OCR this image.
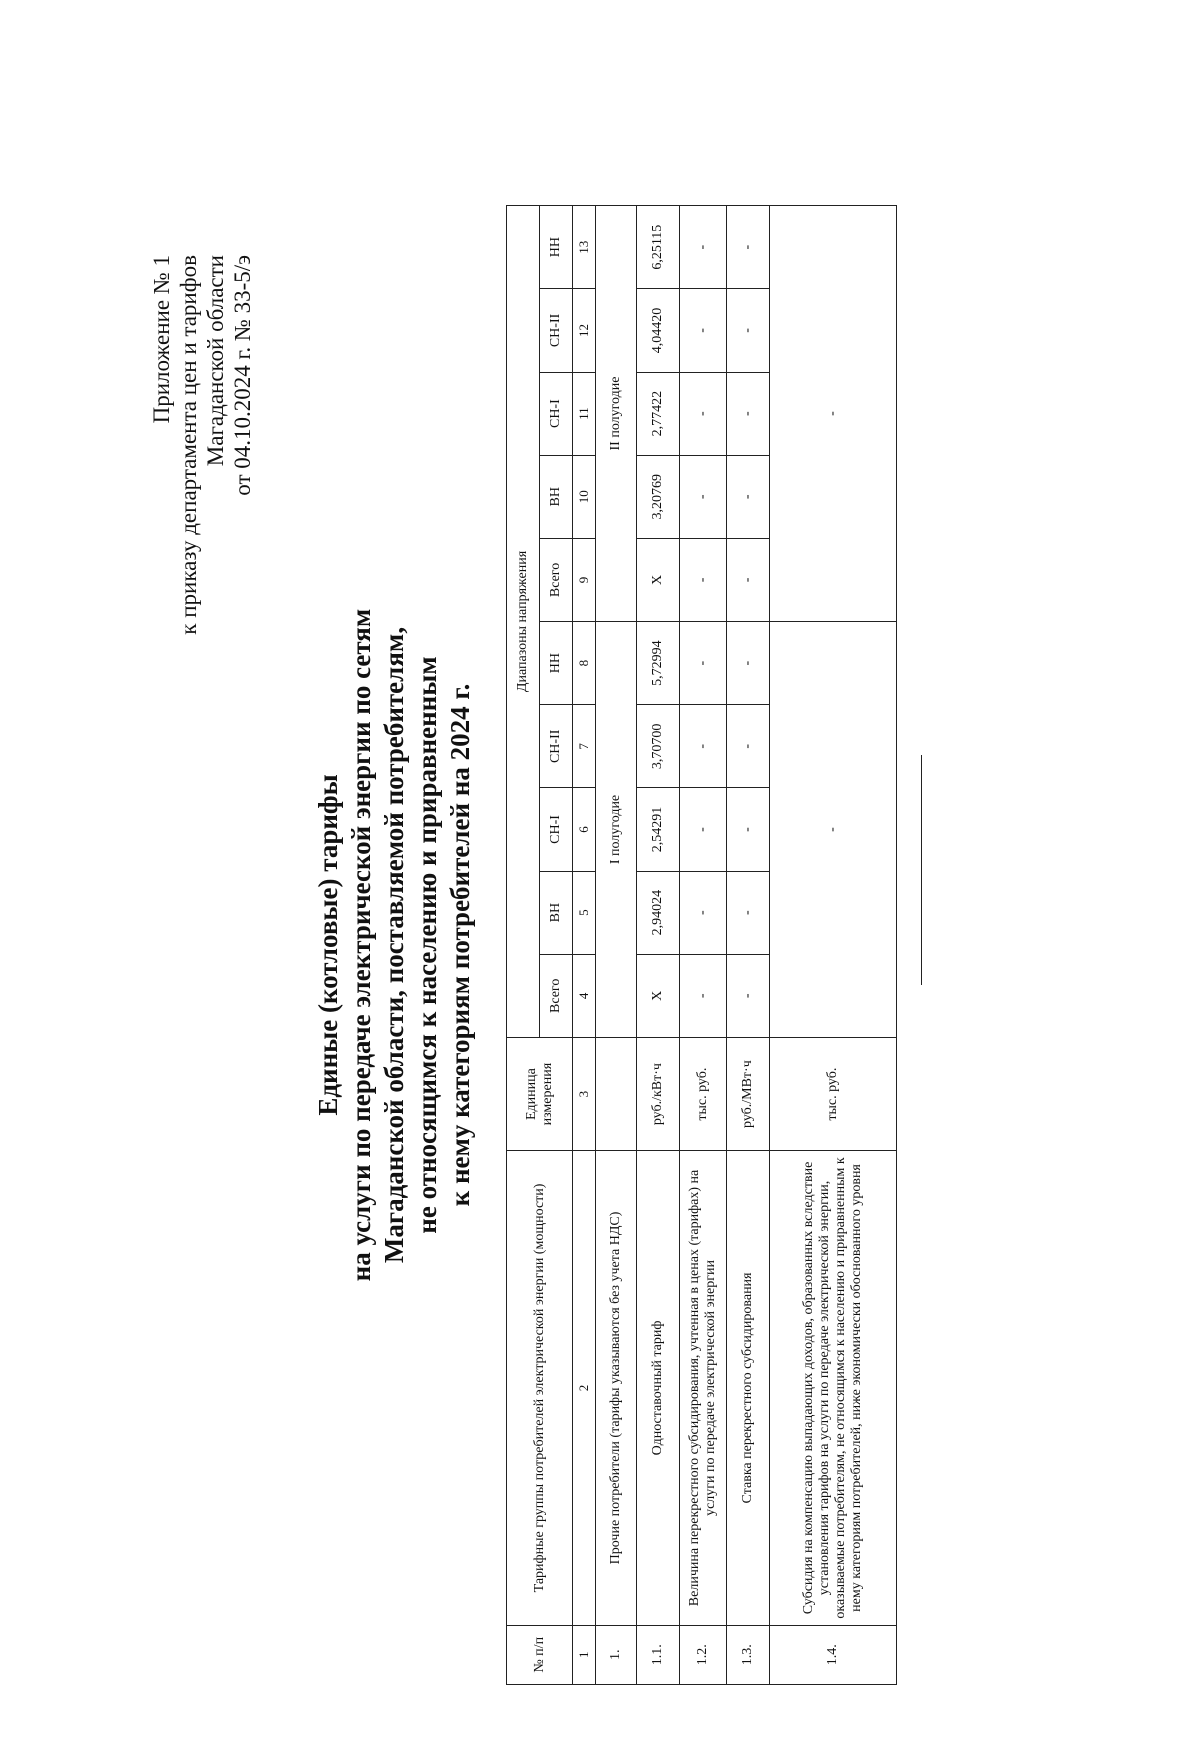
Приложение № 1 к приказу департамента цен и тарифов Магаданской области от 04.10.2024 г. № 33-5/э
Единые (котловые) тарифы на услуги по передаче электрической энергии по сетям Магаданской области, поставляемой потребителям, не относящимся к населению и приравненным к нему категориям потребителей на 2024 г.
№ п/п	Тарифные группы потребителей электрической энергии (мощности)	Единица измерения	Диапазоны напряжения									
			Всего	ВН	СН-I	СН-II	НН	Всего	ВН	СН-I	СН-II	НН
1	2	3	4	5	6	7	8	9	10	11	12	13
1.	Прочие потребители (тарифы указываются без учета НДС)		I полугодие					II полугодие				
1.1.	Одноставочный тариф	руб./кВт·ч	Х	2,94024	2,54291	3,70700	5,72994	Х	3,20769	2,77422	4,04420	6,25115
1.2.	Величина перекрестного субсидирования, учтенная в ценах (тарифах) на услуги по передаче электрической энергии	тыс. руб.	-	-	-	-	-	-	-	-	-	-
1.3.	Ставка перекрестного субсидирования	руб./МВт·ч	-	-	-	-	-	-	-	-	-	-
1.4.	Субсидия на компенсацию выпадающих доходов, образованных вследствие установления тарифов на услуги по передаче электрической энергии, оказываемые потребителям, не относящимся к населению и приравненным к нему категориям потребителей, ниже экономически обоснованного уровня	тыс. руб.	-					-				
